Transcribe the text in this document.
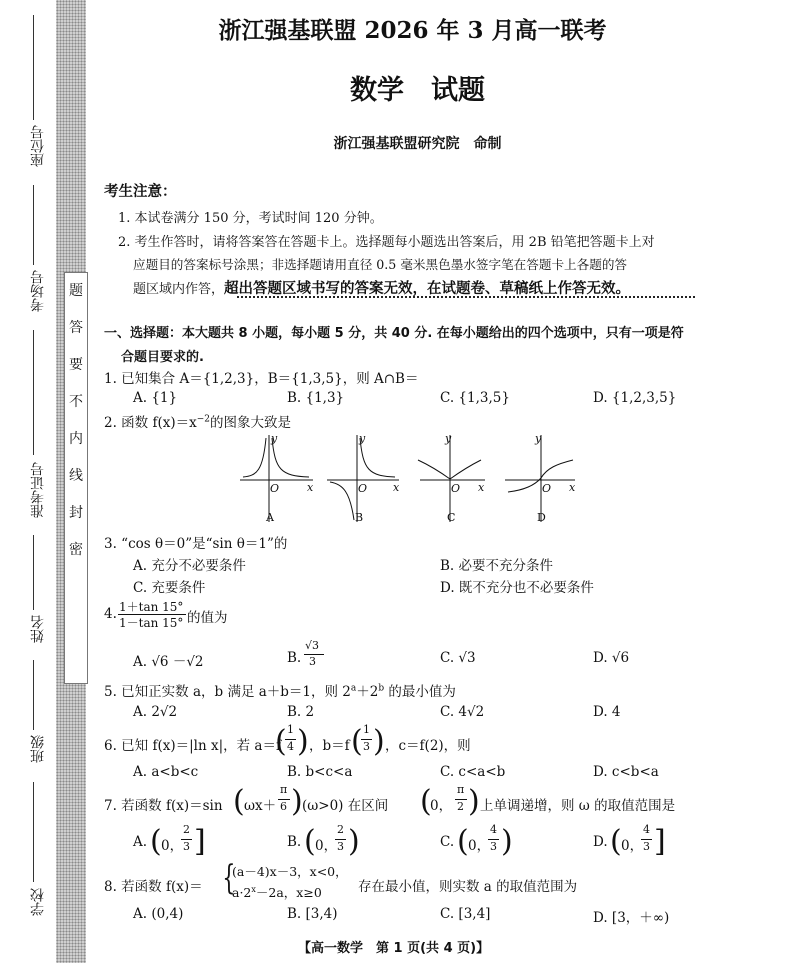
题
答
要
不
内
线
封
密
座位号
考场号
准考证号
姓名
班级
学校
浙江强基联盟 2026 年 3 月高一联考
数学　试题
浙江强基联盟研究院　命制
考生注意：
1. 本试卷满分 150 分，考试时间 120 分钟。
2. 考生作答时，请将答案答在答题卡上。选择题每小题选出答案后，用 2B 铅笔把答题卡上对
应题目的答案标号涂黑；非选择题请用直径 0.5 毫米黑色墨水签字笔在答题卡上各题的答
题区域内作答，超出答题区域书写的答案无效，在试题卷、草稿纸上作答无效。
一、选择题：本大题共 8 小题，每小题 5 分，共 40 分. 在每小题给出的四个选项中，只有一项是符
合题目要求的.
1. 已知集合 A＝{1,2,3}，B＝{1,3,5}，则 A∩B＝
A. {1}	B. {1,3}	C. {1,3,5}	D. {1,2,3,5}
2. 函数 $f(x)=x^{-2}$的图象大致是
y
x
O
y
x
O
y
x
O
y
x
O
A	B	C	D
3. “cos θ＝0”是“sin θ＝1”的
A. 充分不必要条件	B. 必要不充分条件
C. 充要条件	D. 既不充分也不必要条件
4. 1＋tan 15°
1－tan 15° 的值为
A. √6 －√2	B.
√3
3	C. √3	D. √6
5. 已知正实数 a，b 满足 a＋b＝1，则 $2^a+2^b$ 的最小值为
A. 2√2	B. 2	C. 4√2	D. 4
6. 已知 f(x)＝|ln x|，若 a＝f
( 1
4 ) ，b＝f ( 1
3 ) ，c＝f(2)，则
A. a<b<c	B. b<c<a	C. c<a<b	D. c<b<a
7. 若函数 f(x)＝sin ( ωx＋
π
6 ) (ω>0) 在区间 (
0，
π
2 ) 上单调递增，则 ω 的取值范围是
A. ( 0，
2
3 ]	B. ( 0，
2
3 )	C. ( 0，
4
3 )	D. ( 0，
4
3 ]
8. 若函数 f(x)＝ {
(a－4)x－3，x<0，
$a\cdot 2^x-2a$，x≥0	存在最小值，则实数 a 的取值范围为
A. (0,4)	B. [3,4)	C. [3,4]	D. [3，＋∞)
【高一数学　第 1 页(共 4 页)】
